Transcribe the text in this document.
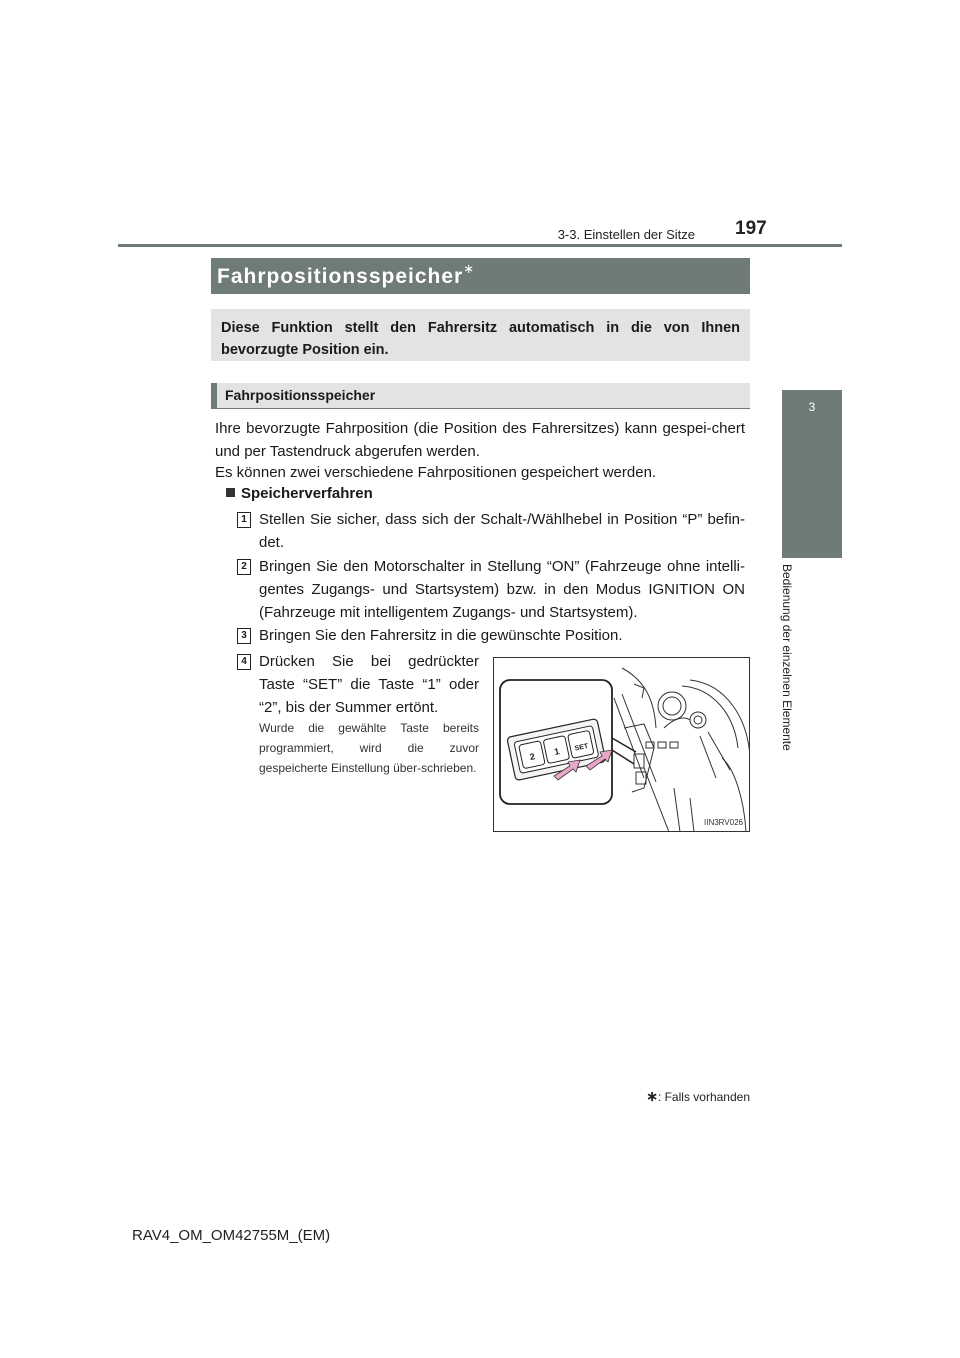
3-3. Einstellen der Sitze 197
3
Bedienung der einzelnen Elemente
Fahrpositionsspeicher∗
Diese Funktion stellt den Fahrersitz automatisch in die von Ihnen bevorzugte Position ein.
Fahrpositionsspeicher
Ihre bevorzugte Fahrposition (die Position des Fahrersitzes) kann gespei-chert und per Tastendruck abgerufen werden.
Es können zwei verschiedene Fahrpositionen gespeichert werden.
Speicherverfahren
1 Stellen Sie sicher, dass sich der Schalt-/Wählhebel in Position “P” befin-det.
2 Bringen Sie den Motorschalter in Stellung “ON” (Fahrzeuge ohne intelli-gentes Zugangs- und Startsystem) bzw. in den Modus IGNITION ON (Fahrzeuge mit intelligentem Zugangs- und Startsystem).
3 Bringen Sie den Fahrersitz in die gewünschte Position.
4 Drücken Sie bei gedrückter Taste “SET” die Taste “1” oder “2”, bis der Summer ertönt.
Wurde die gewählte Taste bereits programmiert, wird die zuvor gespeicherte Einstellung über-schrieben.
2 1 SET
IIN3RV026
∗: Falls vorhanden
RAV4_OM_OM42755M_(EM)
